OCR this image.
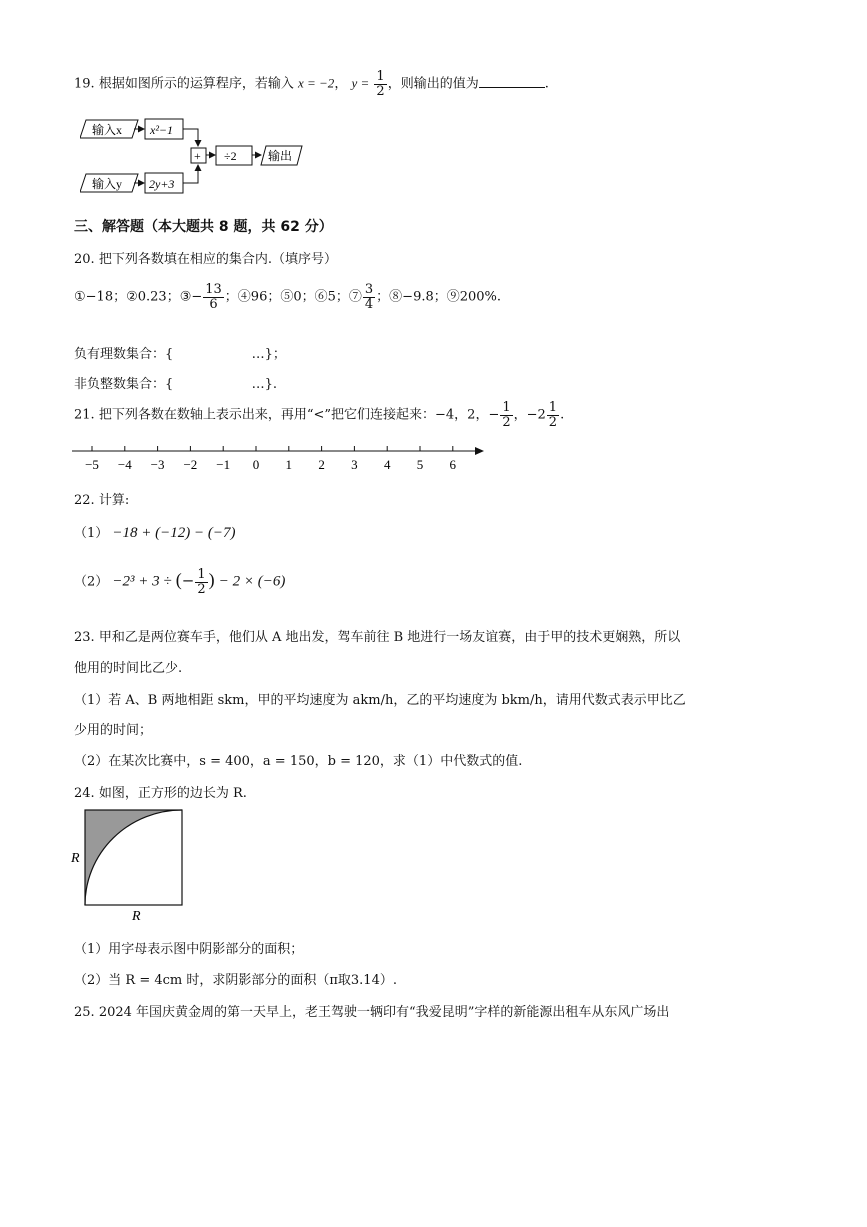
19. 根据如图所示的运算程序，若输入 x = −2， $y = \frac{1}{2}$ ，则输出的值为	.
输入x x²−1
+ ÷2	输出
输入y 2y+3
三、解答题（本大题共 8 题，共 62 分）
20. 把下列各数填在相应的集合内.（填序号）
①−18；②0.23；③− $\frac{13}{6}$ ；④96；⑤0；⑥5；⑦ $\frac{3}{4}$ ；⑧−9.8；⑨200%.
负有理数集合：{	…}；
非负整数集合：{	…}.
21. 把下列各数在数轴上表示出来，再用“<”把它们连接起来：−4，2，− $\frac{1}{2}$ ，$-2 \frac{1}{2}$ .
−5 −4 −3 −2 −1 0 1 2 3 4 5 6
22. 计算:
（1） −18 + (−12) − (−7)
（2） −2³ + 3 ÷ (− $\frac{1}{2}$ ) − 2 × (−6)
23. 甲和乙是两位赛车手，他们从 A 地出发，驾车前往 B 地进行一场友谊赛，由于甲的技术更娴熟，所以
他用的时间比乙少.
（1）若 A、B 两地相距 skm，甲的平均速度为 akm/h，乙的平均速度为 bkm/h，请用代数式表示甲比乙
少用的时间；
（2）在某次比赛中，s = 400，a = 150，b = 120，求（1）中代数式的值.
24. 如图，正方形的边长为 R.
R
R
（1）用字母表示图中阴影部分的面积；
（2）当 R = 4cm 时，求阴影部分的面积（π取3.14）.
25. 2024 年国庆黄金周的第一天早上，老王驾驶一辆印有“我爱昆明”字样的新能源出租车从东风广场出
